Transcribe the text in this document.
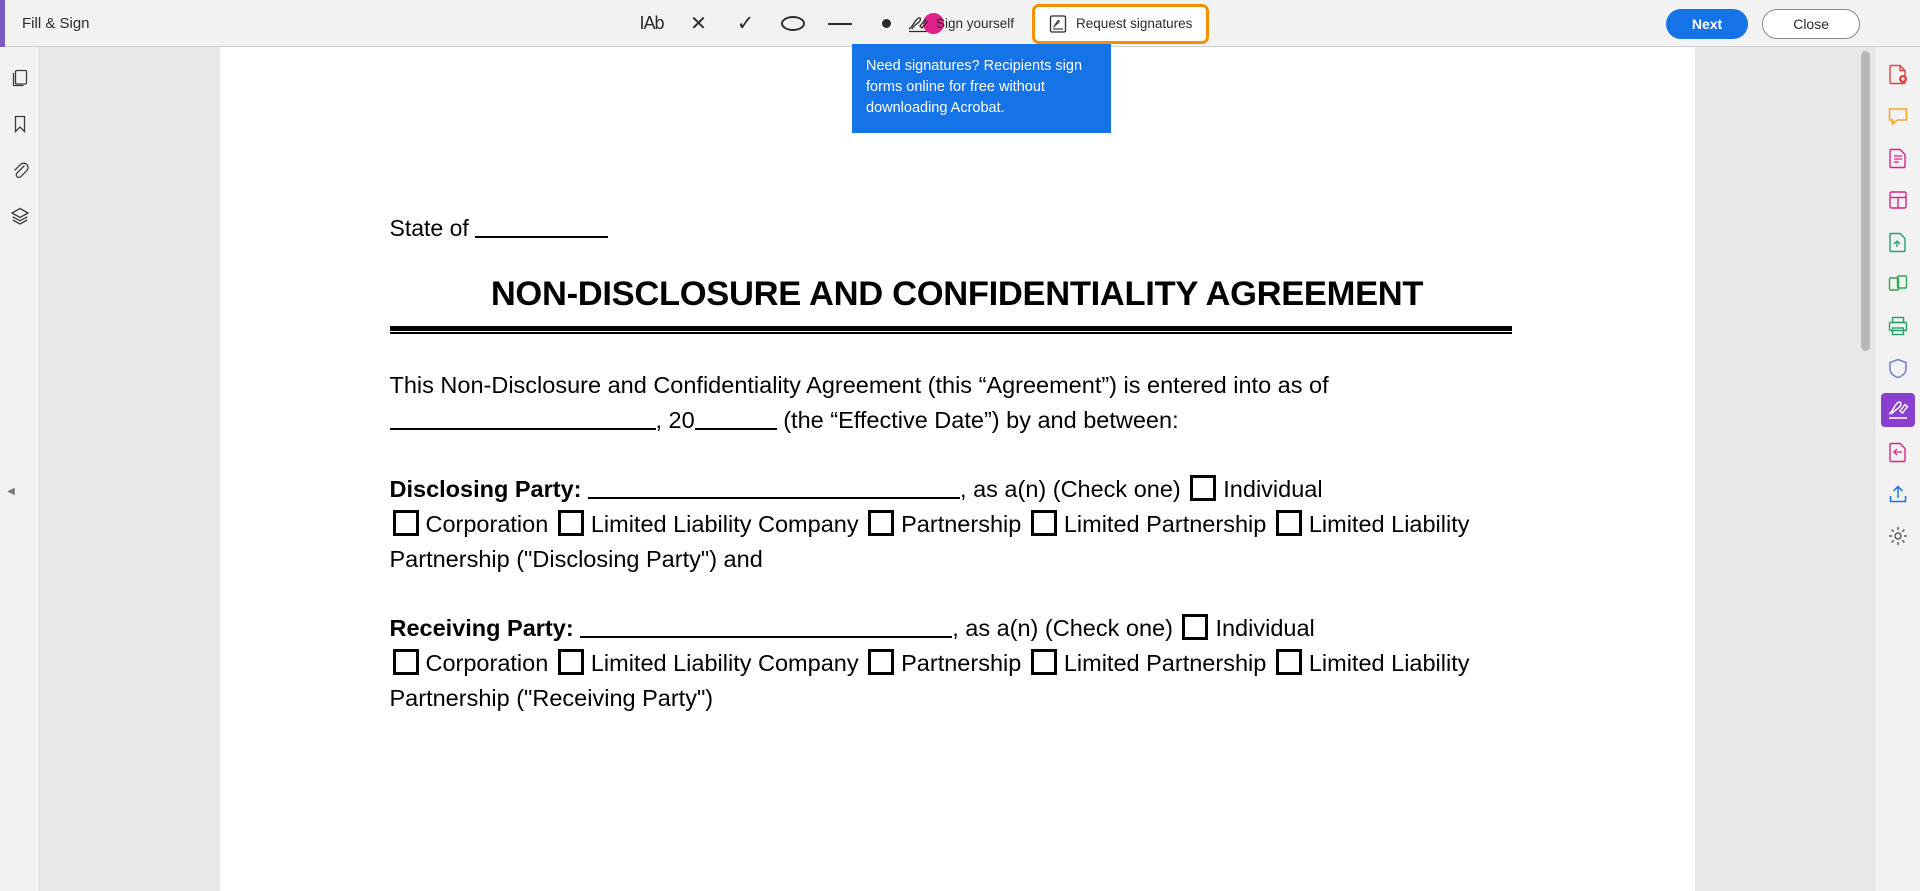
Fill & Sign	IAb ✕ ✓	Sign yourself	Request signatures	Next	Close
Need signatures? Recipients sign forms online for free without downloading Acrobat.
◀
State of
NON-DISCLOSURE AND CONFIDENTIALITY AGREEMENT
This Non-Disclosure and Confidentiality Agreement (this “Agreement”) is entered into as of
, 20	(the “Effective Date”) by and between:
Disclosing Party:	, as a(n) (Check one) Individual
Corporation Limited Liability Company Partnership Limited Partnership Limited Liability Partnership ("Disclosing Party") and
Receiving Party:	, as a(n) (Check one) Individual
Corporation Limited Liability Company Partnership Limited Partnership Limited Liability Partnership ("Receiving Party")
